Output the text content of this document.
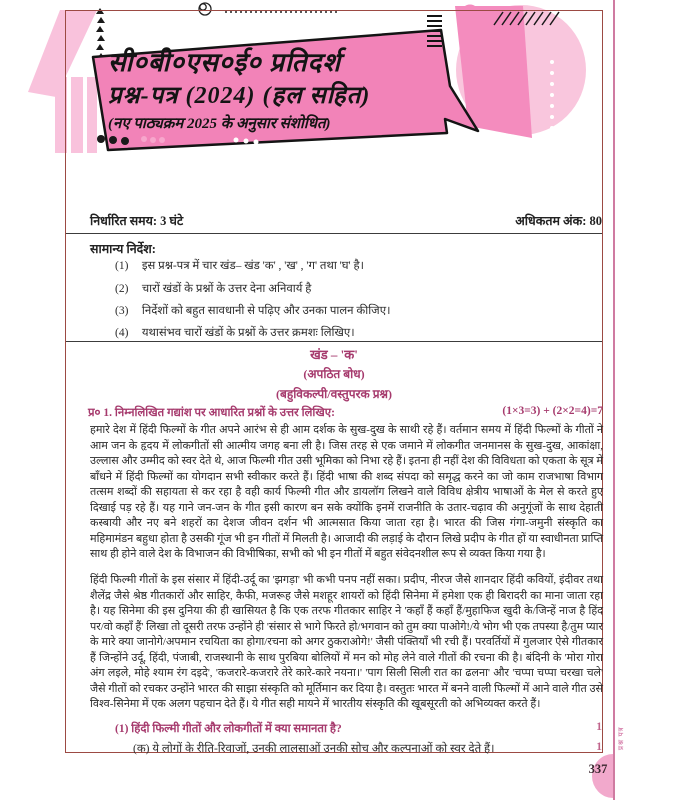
सी०बी०एस०ई० प्रतिदर्श
प्रश्न-पत्र (2024) (हल सहित)
(नए पाठ्यक्रम 2025 के अनुसार संशोधित)
निर्धारित समय: 3 घंटे	अधिकतम अंक: 80
सामान्य निर्देश:
(1) इस प्रश्न-पत्र में चार खंड– खंड 'क' , 'ख' , 'ग' तथा 'घ' है।
(2) चारों खंडों के प्रश्नों के उत्तर देना अनिवार्य है
(3) निर्देशों को बहुत सावधानी से पढ़िए और उनका पालन कीजिए।
(4) यथासंभव चारों खंडों के प्रश्नों के उत्तर क्रमशः लिखिए।
खंड – 'क'
(अपठित बोध)
(बहुविकल्पी/वस्तुपरक प्रश्न)
प्र० 1. निम्नलिखित गद्यांश पर आधारित प्रश्नों के उत्तर लिखिए:	(1×3=3) + (2×2=4)=7

हमारे देश में हिंदी फिल्मों के गीत अपने आरंभ से ही आम दर्शक के सुख-दुख के साथी रहे हैं। वर्तमान समय में हिंदी फिल्मों के गीतों ने आम जन के हृदय में लोकगीतों सी आत्मीय जगह बना ली है। जिस तरह से एक जमाने में लोकगीत जनमानस के सुख-दुख, आकांक्षा, उल्लास और उम्मीद को स्वर देते थे, आज फिल्मी गीत उसी भूमिका को निभा रहे हैं। इतना ही नहीं देश की विविधता को एकता के सूत्र में बाँधने में हिंदी फिल्मों का योगदान सभी स्वीकार करते हैं। हिंदी भाषा की शब्द संपदा को समृद्ध करने का जो काम राजभाषा विभाग तत्सम शब्दों की सहायता से कर रहा है वही कार्य फिल्मी गीत और डायलॉग लिखने वाले विविध क्षेत्रीय भाषाओं के मेल से करते हुए दिखाई पड़ रहे हैं। यह गाने जन-जन के गीत इसी कारण बन सके क्योंकि इनमें राजनीति के उतार-चढ़ाव की अनुगूंजों के साथ देहाती कस्बायी और नए बने शहरों का देशज जीवन दर्शन भी आत्मसात किया जाता रहा है। भारत की जिस गंगा-जमुनी संस्कृति का महिमामंडन बहुधा होता है उसकी गूंज भी इन गीतों में मिलती है। आजादी की लड़ाई के दौरान लिखे प्रदीप के गीत हों या स्वाधीनता प्राप्ति साथ ही होने वाले देश के विभाजन की विभीषिका, सभी को भी इन गीतों में बहुत संवेदनशील रूप से व्यक्त किया गया है।

हिंदी फिल्मी गीतों के इस संसार में हिंदी-उर्दू का 'झगड़ा' भी कभी पनप नहीं सका। प्रदीप, नीरज जैसे शानदार हिंदी कवियों, इंदीवर तथा शैलेंद्र जैसे श्रेष्ठ गीतकारों और साहिर, कैफी, मजरूह जैसे मशहूर शायरों को हिंदी सिनेमा में हमेशा एक ही बिरादरी का माना जाता रहा है। यह सिनेमा की इस दुनिया की ही खासियत है कि एक तरफ गीतकार साहिर ने 'कहाँ हैं कहाँ हैं/मुहाफिज खुदी के/जिन्हें नाज है हिंद पर/वो कहाँ हैं' लिखा तो दूसरी तरफ उन्होंने ही 'संसार से भागे फिरते हो/भगवान को तुम क्या पाओगे!/ये भोग भी एक तपस्या है/तुम प्यार के मारे क्या जानोगे/अपमान रचयिता का होगा/रचना को अगर ठुकराओगे!' जैसी पंक्तियाँ भी रची हैं। परवर्तियों में गुलजार ऐसे गीतकार हैं जिन्होंने उर्दू, हिंदी, पंजाबी, राजस्थानी के साथ पुरबिया बोलियों में मन को मोह लेने वाले गीतों की रचना की है। बंदिनी के 'मोरा गोरा अंग लइले, मोहे श्याम रंग दइदे', 'कजरारे-कजरारे तेरे कारे-कारे नयना।' 'पाग सिली सिली रात का ढलना' और 'चप्पा चप्पा चरखा चले' जैसे गीतों को रचकर उन्होंने भारत की साझा संस्कृति को मूर्तिमान कर दिया है। वस्तुतः भारत में बनने वाली फिल्मों में आने वाले गीत उसे विश्व-सिनेमा में एक अलग पहचान देते हैं। ये गीत सही मायने में भारतीय संस्कृति की खूबसूरती को अभिव्यक्त करते हैं।

(1) हिंदी फिल्मी गीतों और लोकगीतों में क्या समानता है?	1
(क) ये लोगों के रीति-रिवाजों, उनकी लालसाओं उनकी सोच और कल्पनाओं को स्वर देते हैं।	1
337
प्रश्न पत्र
